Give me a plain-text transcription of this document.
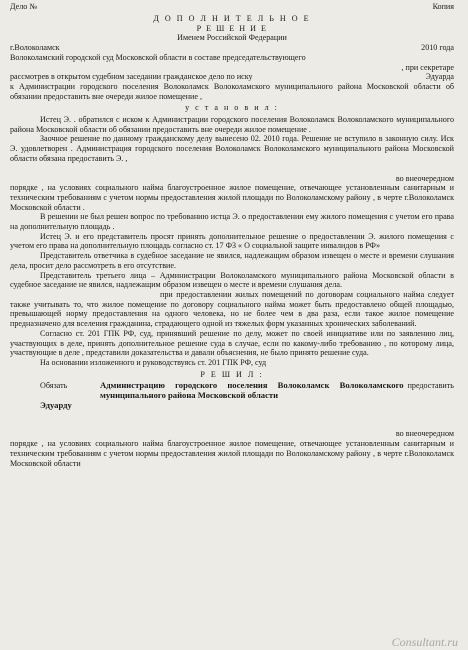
Дело №	Копия
Д О П О Л Н И Т Е Л Ь Н О Е
Р Е Ш Е Н И Е
Именем Российской Федерации
г.Волоколамск	2010 года

Волоколамский городской суд Московской области в составе председательствующего

, при секретаре
рассмотрев в открытом судебном заседании гражданское дело по иску	Эдуарда

к Администрации городского поселения Волоколамск Волоколамского муниципального района Московской области об обязании предоставить вне очереди жилое помещение ,

у с т а н о в и л :

Истец Э. . обратился с иском к Администрации городского поселения Волоколамск Волоколамского муниципального района Московской области об обязании предоставить вне очереди жилое помещение .

Заочное решение по данному гражданскому делу вынесено 02. 2010 года. Решение не вступило в законную силу. Иск Э. удовлетворен . Администрация городского поселения Волоколамск Волоколамского муниципального района Московской области обязана предоставить Э. ,

во внеочередном

порядке , на условиях социального найма благоустроенное жилое помещение, отвечающее установленным санитарным и техническим требованиям с учетом нормы предоставления жилой площади по Волоколамскому району , в черте г.Волоколамск Московской области .

В решении не был решен вопрос по требованию истца Э. о предоставлении ему жилого помещения с учетом его права на дополнительную площадь .

Истец Э. и его представитель просят принять дополнительное решение о предоставлении Э. жилого помещения с учетом его права на дополнительную площадь согласно ст. 17 ФЗ « О социальной защите инвалидов в РФ»

Представитель ответчика в судебное заседание не явился, надлежащим образом извещен о месте и времени слушания дела, просит дело рассмотреть в его отсутствие.

Представитель третьего лица – Администрации Волоколамского муниципального района Московской области в судебное заседание не явился, надлежащим образом извещен о месте и времени слушания дела.

при предоставлении жилых помещений по договорам социального найма следует также учитывать то, что жилое помещение по договору социального найма может быть предоставлено общей площадью, превышающей норму предоставления на одного человека, но не более чем в два раза, если такое жилое помещение предназначено для вселения гражданина, страдающего одной из тяжелых форм указанных хронических заболеваний.

Согласно ст. 201 ГПК РФ, суд, принявший решение по делу, может по своей инициативе или по заявлению лиц, участвующих в деле, принять дополнительное решение суда в случае, если по какому-либо требованию , по которому лица, участвующие в деле , представили доказательства и давали объяснения, не было принято решение суда.

На основании изложенного и руководствуясь ст. 201 ГПК РФ, суд

Р Е Ш И Л :
Обязать	Администрацию городского поселения Волоколамск Волоколамского муниципального района Московской области
предоставить
Эдуарду
во внеочередном

порядке , на условиях социального найма благоустроенное жилое помещение, отвечающее установленным санитарным и техническим требованиям с учетом нормы предоставления жилой площади по Волоколамскому району , в черте г.Волоколамск Московской области

Consultant.ru
